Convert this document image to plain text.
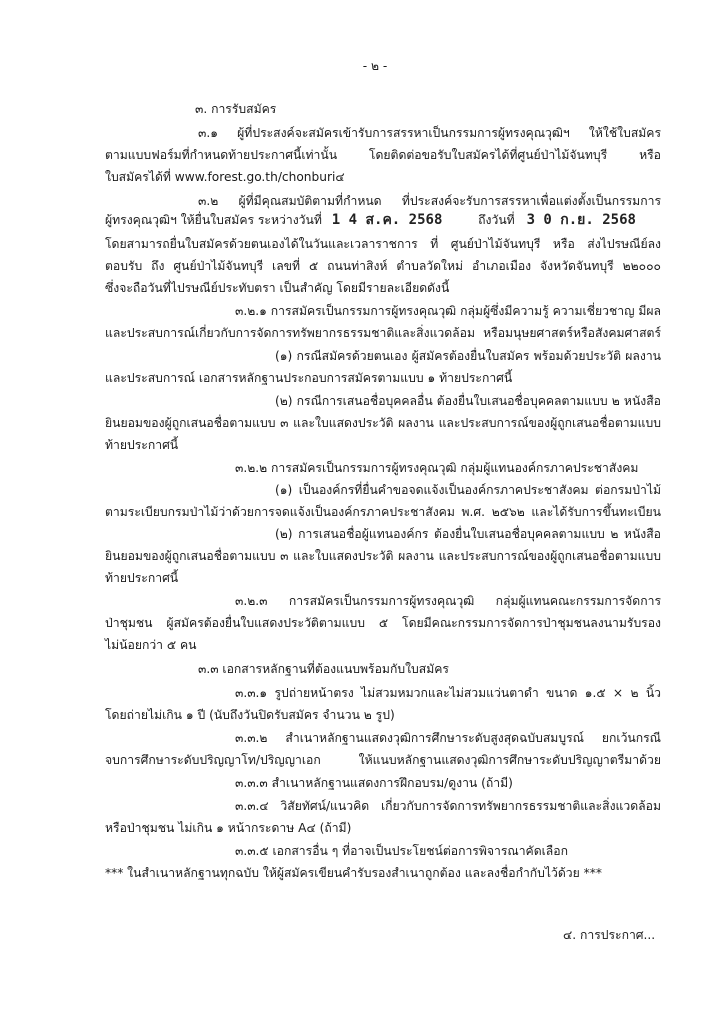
- ๒ -
๓. การรับสมัคร
๓.๑ ผู้ที่ประสงค์จะสมัครเข้ารับการสรรหาเป็นกรรมการผู้ทรงคุณวุฒิฯ ให้ใช้ใบสมัคร
ตามแบบฟอร์มที่กำหนดท้ายประกาศนี้เท่านั้น โดยติดต่อขอรับใบสมัครได้ที่ศูนย์ป่าไม้จันทบุรี หรือ
ใบสมัครได้ที่ www.forest.go.th/chonburi๔
๓.๒ ผู้ที่มีคุณสมบัติตามที่กำหนด ที่ประสงค์จะรับการสรรหาเพื่อแต่งตั้งเป็นกรรมการ
ผู้ทรงคุณวุฒิฯ ให้ยื่นใบสมัคร ระหว่างวันที่ 1 4 ส.ค. 2568	ถึงวันที่ 3 0 ก.ย. 2568
โดยสามารถยื่นใบสมัครด้วยตนเองได้ในวันและเวลาราชการ ที่ ศูนย์ป่าไม้จันทบุรี หรือ ส่งไปรษณีย์ลง
ตอบรับ ถึง ศูนย์ป่าไม้จันทบุรี เลขที่ ๕ ถนนท่าสิงห์ ตำบลวัดใหม่ อำเภอเมือง จังหวัดจันทบุรี ๒๒๐๐๐
ซึ่งจะถือวันที่ไปรษณีย์ประทับตรา เป็นสำคัญ โดยมีรายละเอียดดังนี้
๓.๒.๑ การสมัครเป็นกรรมการผู้ทรงคุณวุฒิ กลุ่มผู้ซึ่งมีความรู้ ความเชี่ยวชาญ มีผล
และประสบการณ์เกี่ยวกับการจัดการทรัพยากรธรรมชาติและสิ่งแวดล้อม หรือมนุษยศาสตร์หรือสังคมศาสตร์
(๑) กรณีสมัครด้วยตนเอง ผู้สมัครต้องยื่นใบสมัคร พร้อมด้วยประวัติ ผลงาน
และประสบการณ์ เอกสารหลักฐานประกอบการสมัครตามแบบ ๑ ท้ายประกาศนี้
(๒) กรณีการเสนอชื่อบุคคลอื่น ต้องยื่นใบเสนอชื่อบุคคลตามแบบ ๒ หนังสือ
ยินยอมของผู้ถูกเสนอชื่อตามแบบ ๓ และใบแสดงประวัติ ผลงาน และประสบการณ์ของผู้ถูกเสนอชื่อตามแบบ
ท้ายประกาศนี้
๓.๒.๒ การสมัครเป็นกรรมการผู้ทรงคุณวุฒิ กลุ่มผู้แทนองค์กรภาคประชาสังคม
(๑) เป็นองค์กรที่ยื่นคำขอจดแจ้งเป็นองค์กรภาคประชาสังคม ต่อกรมป่าไม้
ตามระเบียบกรมป่าไม้ว่าด้วยการจดแจ้งเป็นองค์กรภาคประชาสังคม พ.ศ. ๒๕๖๒ และได้รับการขึ้นทะเบียน
(๒) การเสนอชื่อผู้แทนองค์กร ต้องยื่นใบเสนอชื่อบุคคลตามแบบ ๒ หนังสือ
ยินยอมของผู้ถูกเสนอชื่อตามแบบ ๓ และใบแสดงประวัติ ผลงาน และประสบการณ์ของผู้ถูกเสนอชื่อตามแบบ
ท้ายประกาศนี้
๓.๒.๓ การสมัครเป็นกรรมการผู้ทรงคุณวุฒิ กลุ่มผู้แทนคณะกรรมการจัดการ
ป่าชุมชน ผู้สมัครต้องยื่นใบแสดงประวัติตามแบบ ๕ โดยมีคณะกรรมการจัดการป่าชุมชนลงนามรับรอง
ไม่น้อยกว่า ๕ คน
๓.๓ เอกสารหลักฐานที่ต้องแนบพร้อมกับใบสมัคร
๓.๓.๑ รูปถ่ายหน้าตรง ไม่สวมหมวกและไม่สวมแว่นตาดำ ขนาด ๑.๕ × ๒ นิ้ว
โดยถ่ายไม่เกิน ๑ ปี (นับถึงวันปิดรับสมัคร จำนวน ๒ รูป)
๓.๓.๒ สำเนาหลักฐานแสดงวุฒิการศึกษาระดับสูงสุดฉบับสมบูรณ์ ยกเว้นกรณี
จบการศึกษาระดับปริญญาโท/ปริญญาเอก ให้แนบหลักฐานแสดงวุฒิการศึกษาระดับปริญญาตรีมาด้วย
๓.๓.๓ สำเนาหลักฐานแสดงการฝึกอบรม/ดูงาน (ถ้ามี)
๓.๓.๔ วิสัยทัศน์/แนวคิด เกี่ยวกับการจัดการทรัพยากรธรรมชาติและสิ่งแวดล้อม
หรือป่าชุมชน ไม่เกิน ๑ หน้ากระดาษ A๔ (ถ้ามี)
๓.๓.๕ เอกสารอื่น ๆ ที่อาจเป็นประโยชน์ต่อการพิจารณาคัดเลือก
*** ในสำเนาหลักฐานทุกฉบับ ให้ผู้สมัครเขียนคำรับรองสำเนาถูกต้อง และลงชื่อกำกับไว้ด้วย ***
๔. การประกาศ...
